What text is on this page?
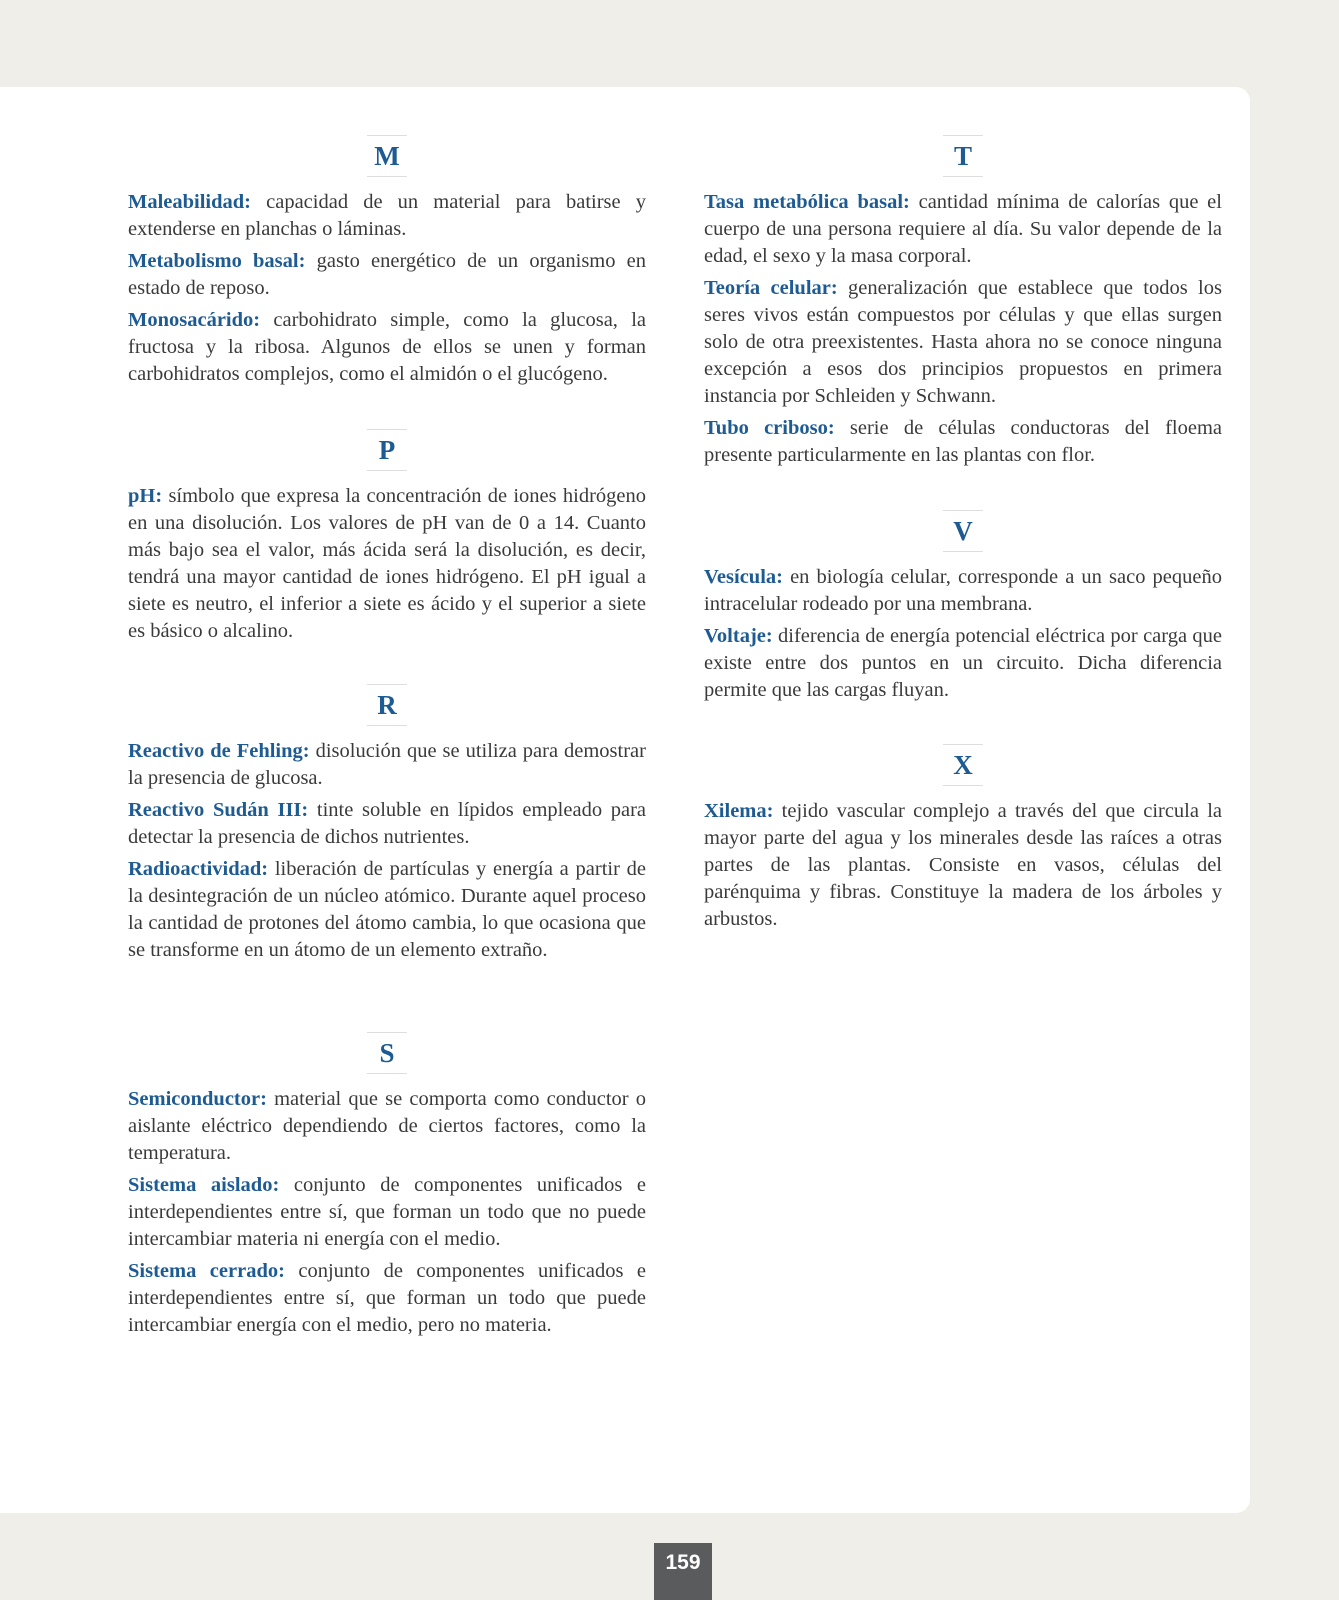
M

Maleabilidad: capacidad de un material para batirse y extenderse en planchas o láminas.

Metabolismo basal: gasto energético de un organismo en estado de reposo.

Monosacárido: carbohidrato simple, como la glucosa, la fructosa y la ribosa. Algunos de ellos se unen y forman carbohidratos complejos, como el almidón o el glucógeno.

P

pH: símbolo que expresa la concentración de iones hidrógeno en una disolución. Los valores de pH van de 0 a 14. Cuanto más bajo sea el valor, más ácida será la disolución, es decir, tendrá una mayor cantidad de iones hidrógeno. El pH igual a siete es neutro, el inferior a siete es ácido y el superior a siete es básico o alcalino.

R

Reactivo de Fehling: disolución que se utiliza para demostrar la presencia de glucosa.

Reactivo Sudán III: tinte soluble en lípidos empleado para detectar la presencia de dichos nutrientes.

Radioactividad: liberación de partículas y energía a partir de la desintegración de un núcleo atómico. Durante aquel proceso la cantidad de protones del átomo cambia, lo que ocasiona que se transforme en un átomo de un elemento extraño.

S

Semiconductor: material que se comporta como conductor o aislante eléctrico dependiendo de ciertos factores, como la temperatura.

Sistema aislado: conjunto de componentes unificados e interdependientes entre sí, que forman un todo que no puede intercambiar materia ni energía con el medio.

Sistema cerrado: conjunto de componentes unificados e interdependientes entre sí, que forman un todo que puede intercambiar energía con el medio, pero no materia.

T

Tasa metabólica basal: cantidad mínima de calorías que el cuerpo de una persona requiere al día. Su valor depende de la edad, el sexo y la masa corporal.

Teoría celular: generalización que establece que todos los seres vivos están compuestos por células y que ellas surgen solo de otra preexistentes. Hasta ahora no se conoce ninguna excepción a esos dos principios propuestos en primera instancia por Schleiden y Schwann.

Tubo criboso: serie de células conductoras del floema presente particularmente en las plantas con flor.

V

Vesícula: en biología celular, corresponde a un saco pequeño intracelular rodeado por una membrana.

Voltaje: diferencia de energía potencial eléctrica por carga que existe entre dos puntos en un circuito. Dicha diferencia permite que las cargas fluyan.

X

Xilema: tejido vascular complejo a través del que circula la mayor parte del agua y los minerales desde las raíces a otras partes de las plantas. Consiste en vasos, células del parénquima y fibras. Constituye la madera de los árboles y arbustos.

159
